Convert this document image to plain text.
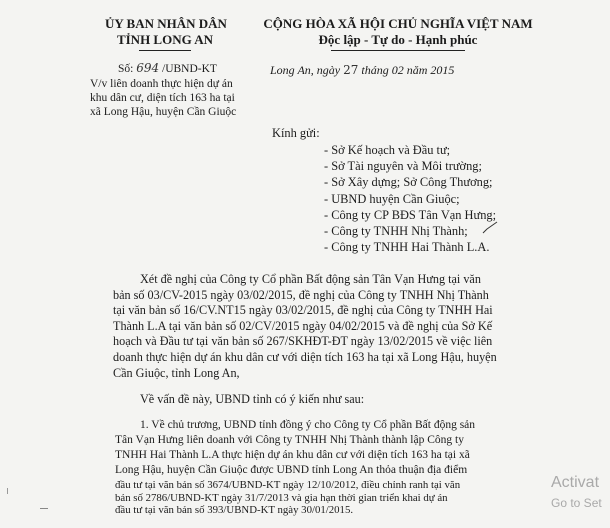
ỦY BAN NHÂN DÂN
TỈNH LONG AN
Số: 694 /UBND-KT
V/v liên doanh thực hiện dự án
khu dân cư, diện tích 163 ha tại
xã Long Hậu, huyện Cần Giuộc
CỘNG HÒA XÃ HỘI CHỦ NGHĨA VIỆT NAM
Độc lập - Tự do - Hạnh phúc
Long An, ngày 27 tháng 02 năm 2015
Kính gửi:
- Sở Kế hoạch và Đầu tư;
- Sở Tài nguyên và Môi trường;
- Sở Xây dựng; Sở Công Thương;
- UBND huyện Cần Giuộc;
- Công ty CP BĐS Tân Vạn Hưng;
- Công ty TNHH Nhị Thành;
- Công ty TNHH Hai Thành L.A.
Xét đề nghị của Công ty Cổ phần Bất động sản Tân Vạn Hưng tại văn
bản số 03/CV-2015 ngày 03/02/2015, đề nghị của Công ty TNHH Nhị Thành
tại văn bản số 16/CV.NT15 ngày 03/02/2015, đề nghị của Công ty TNHH Hai
Thành L.A tại văn bản số 02/CV/2015 ngày 04/02/2015 và đề nghị của Sở Kế
hoạch và Đầu tư tại văn bản số 267/SKHĐT-ĐT ngày 13/02/2015 về việc liên
doanh thực hiện dự án khu dân cư với diện tích 163 ha tại xã Long Hậu, huyện
Cần Giuộc, tỉnh Long An,
Về vấn đề này, UBND tỉnh có ý kiến như sau:
1. Về chủ trương, UBND tỉnh đồng ý cho Công ty Cổ phần Bất động sản
Tân Vạn Hưng liên doanh với Công ty TNHH Nhị Thành thành lập Công ty
TNHH Hai Thành L.A thực hiện dự án khu dân cư với diện tích 163 ha tại xã
Long Hậu, huyện Cần Giuộc được UBND tỉnh Long An thỏa thuận địa điểm
đầu tư tại văn bản số 3674/UBND-KT ngày 12/10/2012, điều chỉnh ranh tại văn
bản số 2786/UBND-KT ngày 31/7/2013 và gia hạn thời gian triển khai dự án
đầu tư tại văn bản số 393/UBND-KT ngày 30/01/2015.
Activat
Go to Set
